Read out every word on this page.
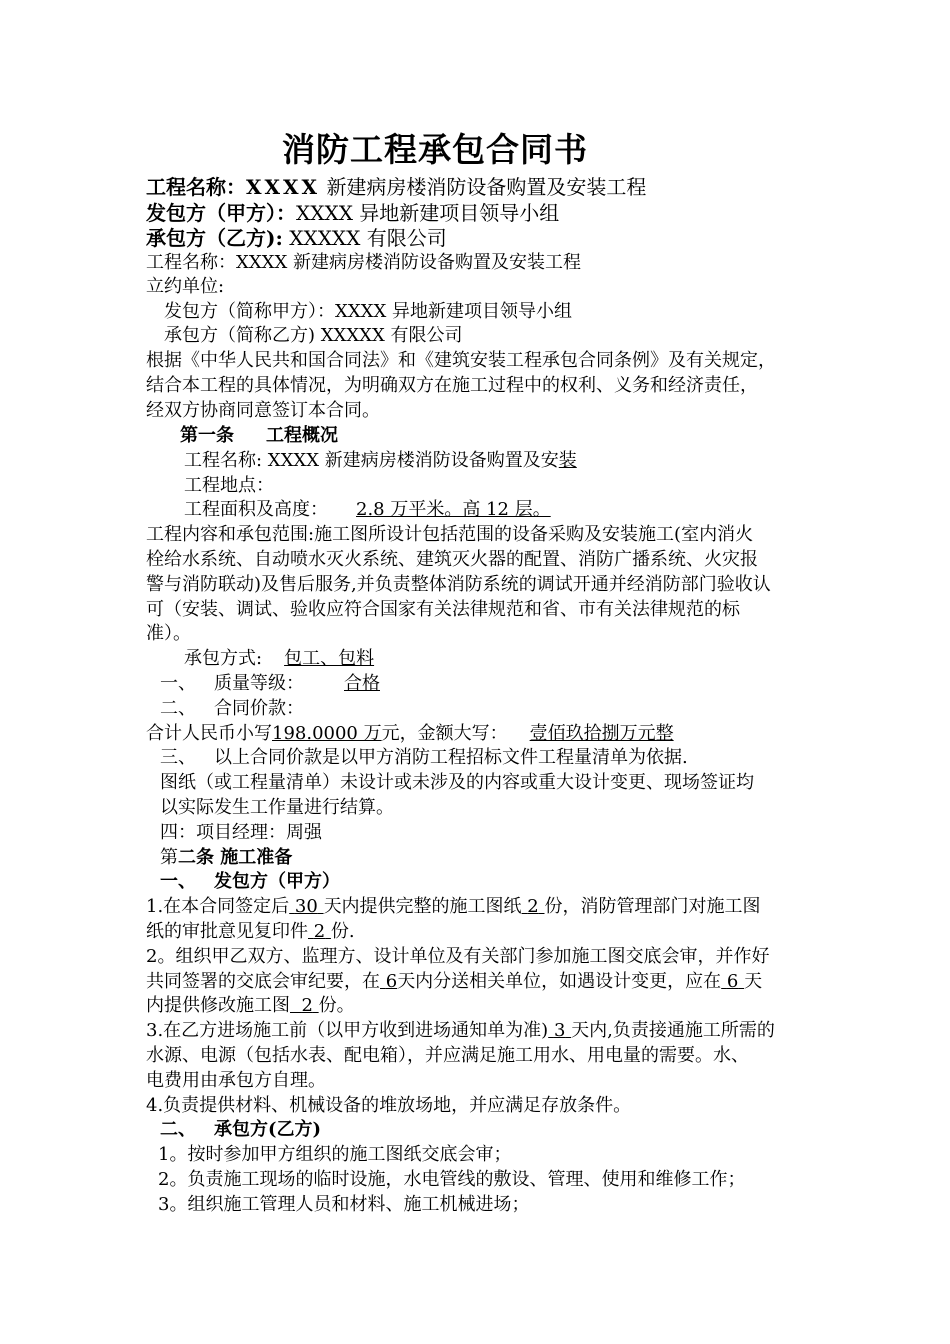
消防工程承包合同书
工程名称：XXXX 新建病房楼消防设备购置及安装工程
发包方（甲方）：XXXX 异地新建项目领导小组
承包方（乙方): XXXXX 有限公司
工程名称：XXXX 新建病房楼消防设备购置及安装工程
立约单位:
发包方（简称甲方）：XXXX 异地新建项目领导小组
承包方（简称乙方) XXXXX 有限公司
根据《中华人民共和国合同法》和《建筑安装工程承包合同条例》及有关规定，
结合本工程的具体情况，为明确双方在施工过程中的权利、义务和经济责任，
经双方协商同意签订本合同。
第一条 工程概况
工程名称: XXXX 新建病房楼消防设备购置及安装
工程地点：
工程面积及高度： 2.8 万平米。高 12 层。
工程内容和承包范围:施工图所设计包括范围的设备采购及安装施工(室内消火
栓给水系统、自动喷水灭火系统、建筑灭火器的配置、消防广播系统、火灾报
警与消防联动)及售后服务,并负责整体消防系统的调试开通并经消防部门验收认
可（安装、调试、验收应符合国家有关法律规范和省、市有关法律规范的标
准）。
承包方式: 包工、包料
一、 质量等级： 合格
二、 合同价款：
合计人民币小写198.0000 万元，金额大写： 壹佰玖拾捌万元整
三、 以上合同价款是以甲方消防工程招标文件工程量清单为依据.
图纸（或工程量清单）未设计或未涉及的内容或重大设计变更、现场签证均
以实际发生工作量进行结算。
四：项目经理：周强
第二条 施工准备
一、 发包方（甲方）
1.在本合同签定后 30 天内提供完整的施工图纸 2 份，消防管理部门对施工图
纸的审批意见复印件 2 份.
2。组织甲乙双方、监理方、设计单位及有关部门参加施工图交底会审，并作好
共同签署的交底会审纪要，在 6天内分送相关单位，如遇设计变更，应在 6 天
内提供修改施工图 2 份。
3.在乙方进场施工前（以甲方收到进场通知单为准) 3 天内,负责接通施工所需的
水源、电源（包括水表、配电箱），并应满足施工用水、用电量的需要。水、
电费用由承包方自理。
4.负责提供材料、机械设备的堆放场地，并应满足存放条件。
二、 承包方(乙方)
1。按时参加甲方组织的施工图纸交底会审；
2。负责施工现场的临时设施，水电管线的敷设、管理、使用和维修工作；
3。组织施工管理人员和材料、施工机械进场；
